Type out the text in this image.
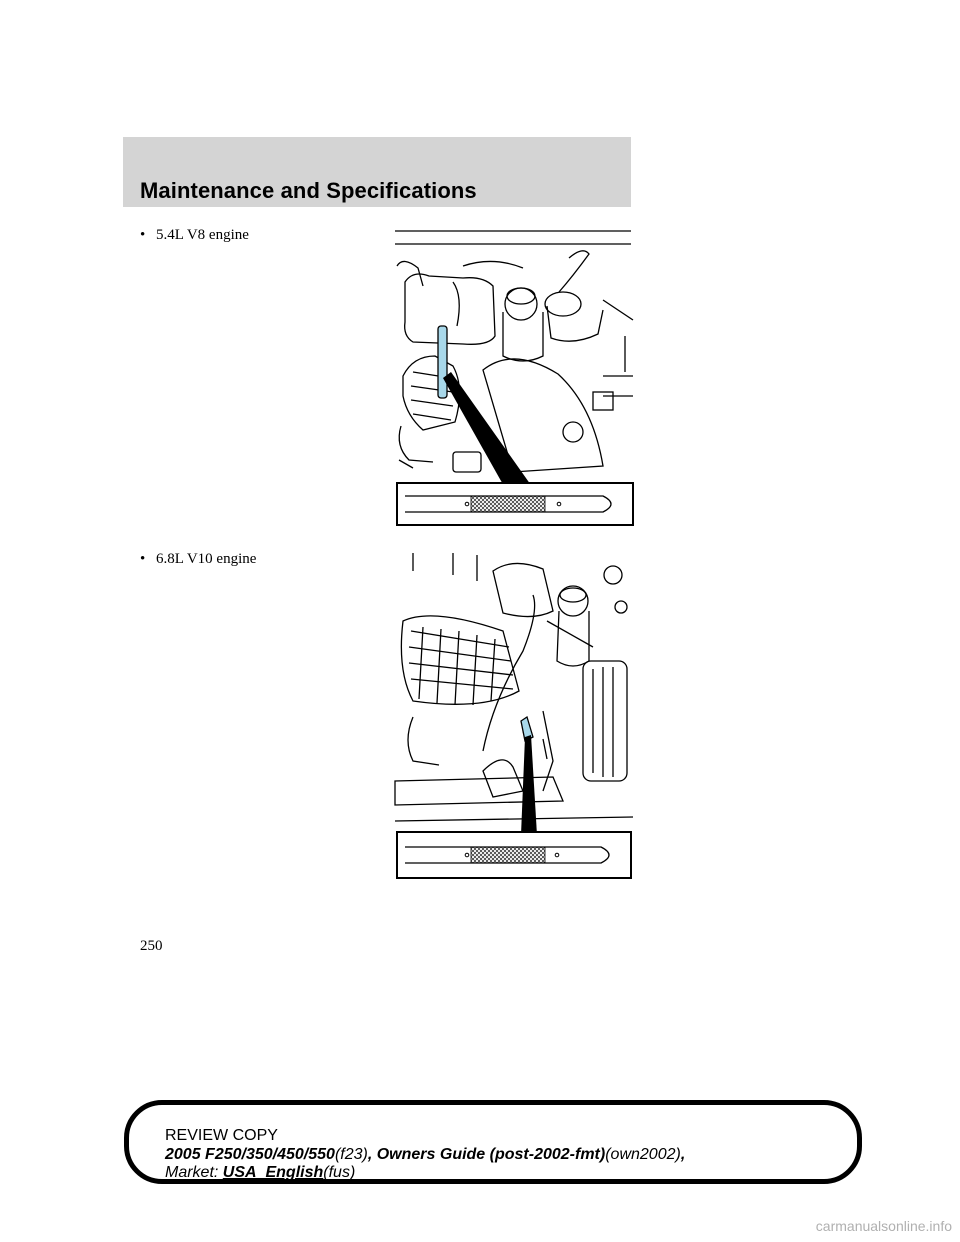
Maintenance and Specifications
• 5.4L V8 engine
• 6.8L V10 engine
250
REVIEW COPY
2005 F250/350/450/550(f23), Owners Guide (post-2002-fmt)(own2002),
Market: USA_English(fus)
carmanualsonline.info
